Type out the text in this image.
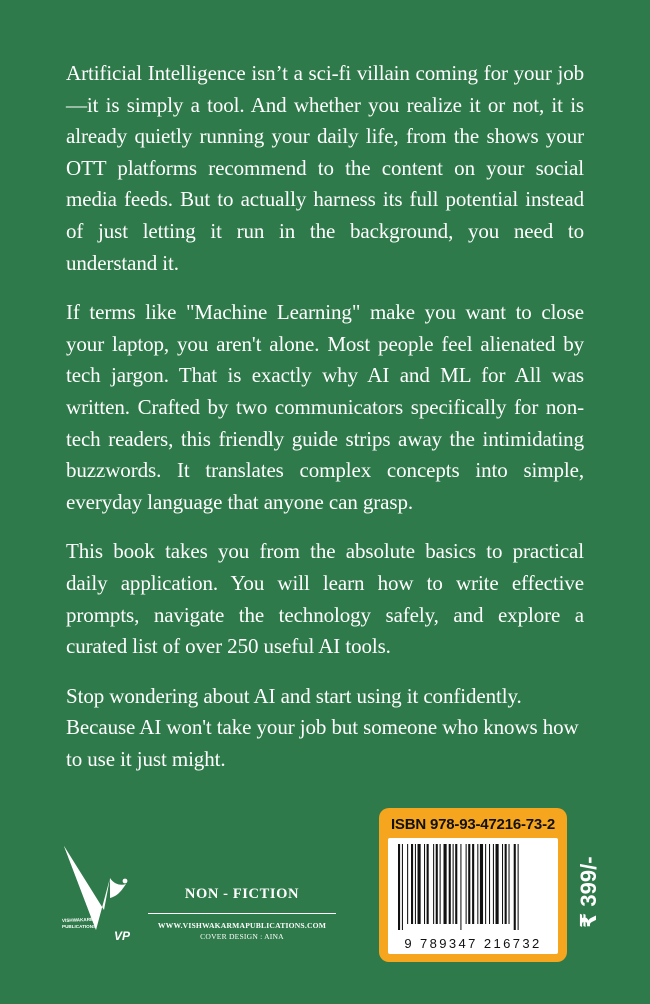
Artificial Intelligence isn’t a sci-fi villain coming for your job—it is simply a tool. And whether you realize it or not, it is already quietly running your daily life, from the shows your OTT platforms recommend to the content on your social media feeds. But to actually harness its full potential instead of just letting it run in the background, you need to understand it.

If terms like "Machine Learning" make you want to close your laptop, you aren't alone. Most people feel alienated by tech jargon. That is exactly why AI and ML for All was written. Crafted by two communicators specifically for non-tech readers, this friendly guide strips away the intimidating buzzwords. It translates complex concepts into simple, everyday language that anyone can grasp.

This book takes you from the absolute basics to practical daily application. You will learn how to write effective prompts, navigate the technology safely, and explore a curated list of over 250 useful AI tools.

Stop wondering about AI and start using it confidently. Because AI won't take your job but someone who knows how to use it just might.

VISHWAKARMA
PUBLICATIONS
VP
NON - FICTION
WWW.VISHWAKARMAPUBLICATIONS.COM
COVER DESIGN : AINA
ISBN 978-93-47216-73-2
9 789347 216732
₹ 399/-
